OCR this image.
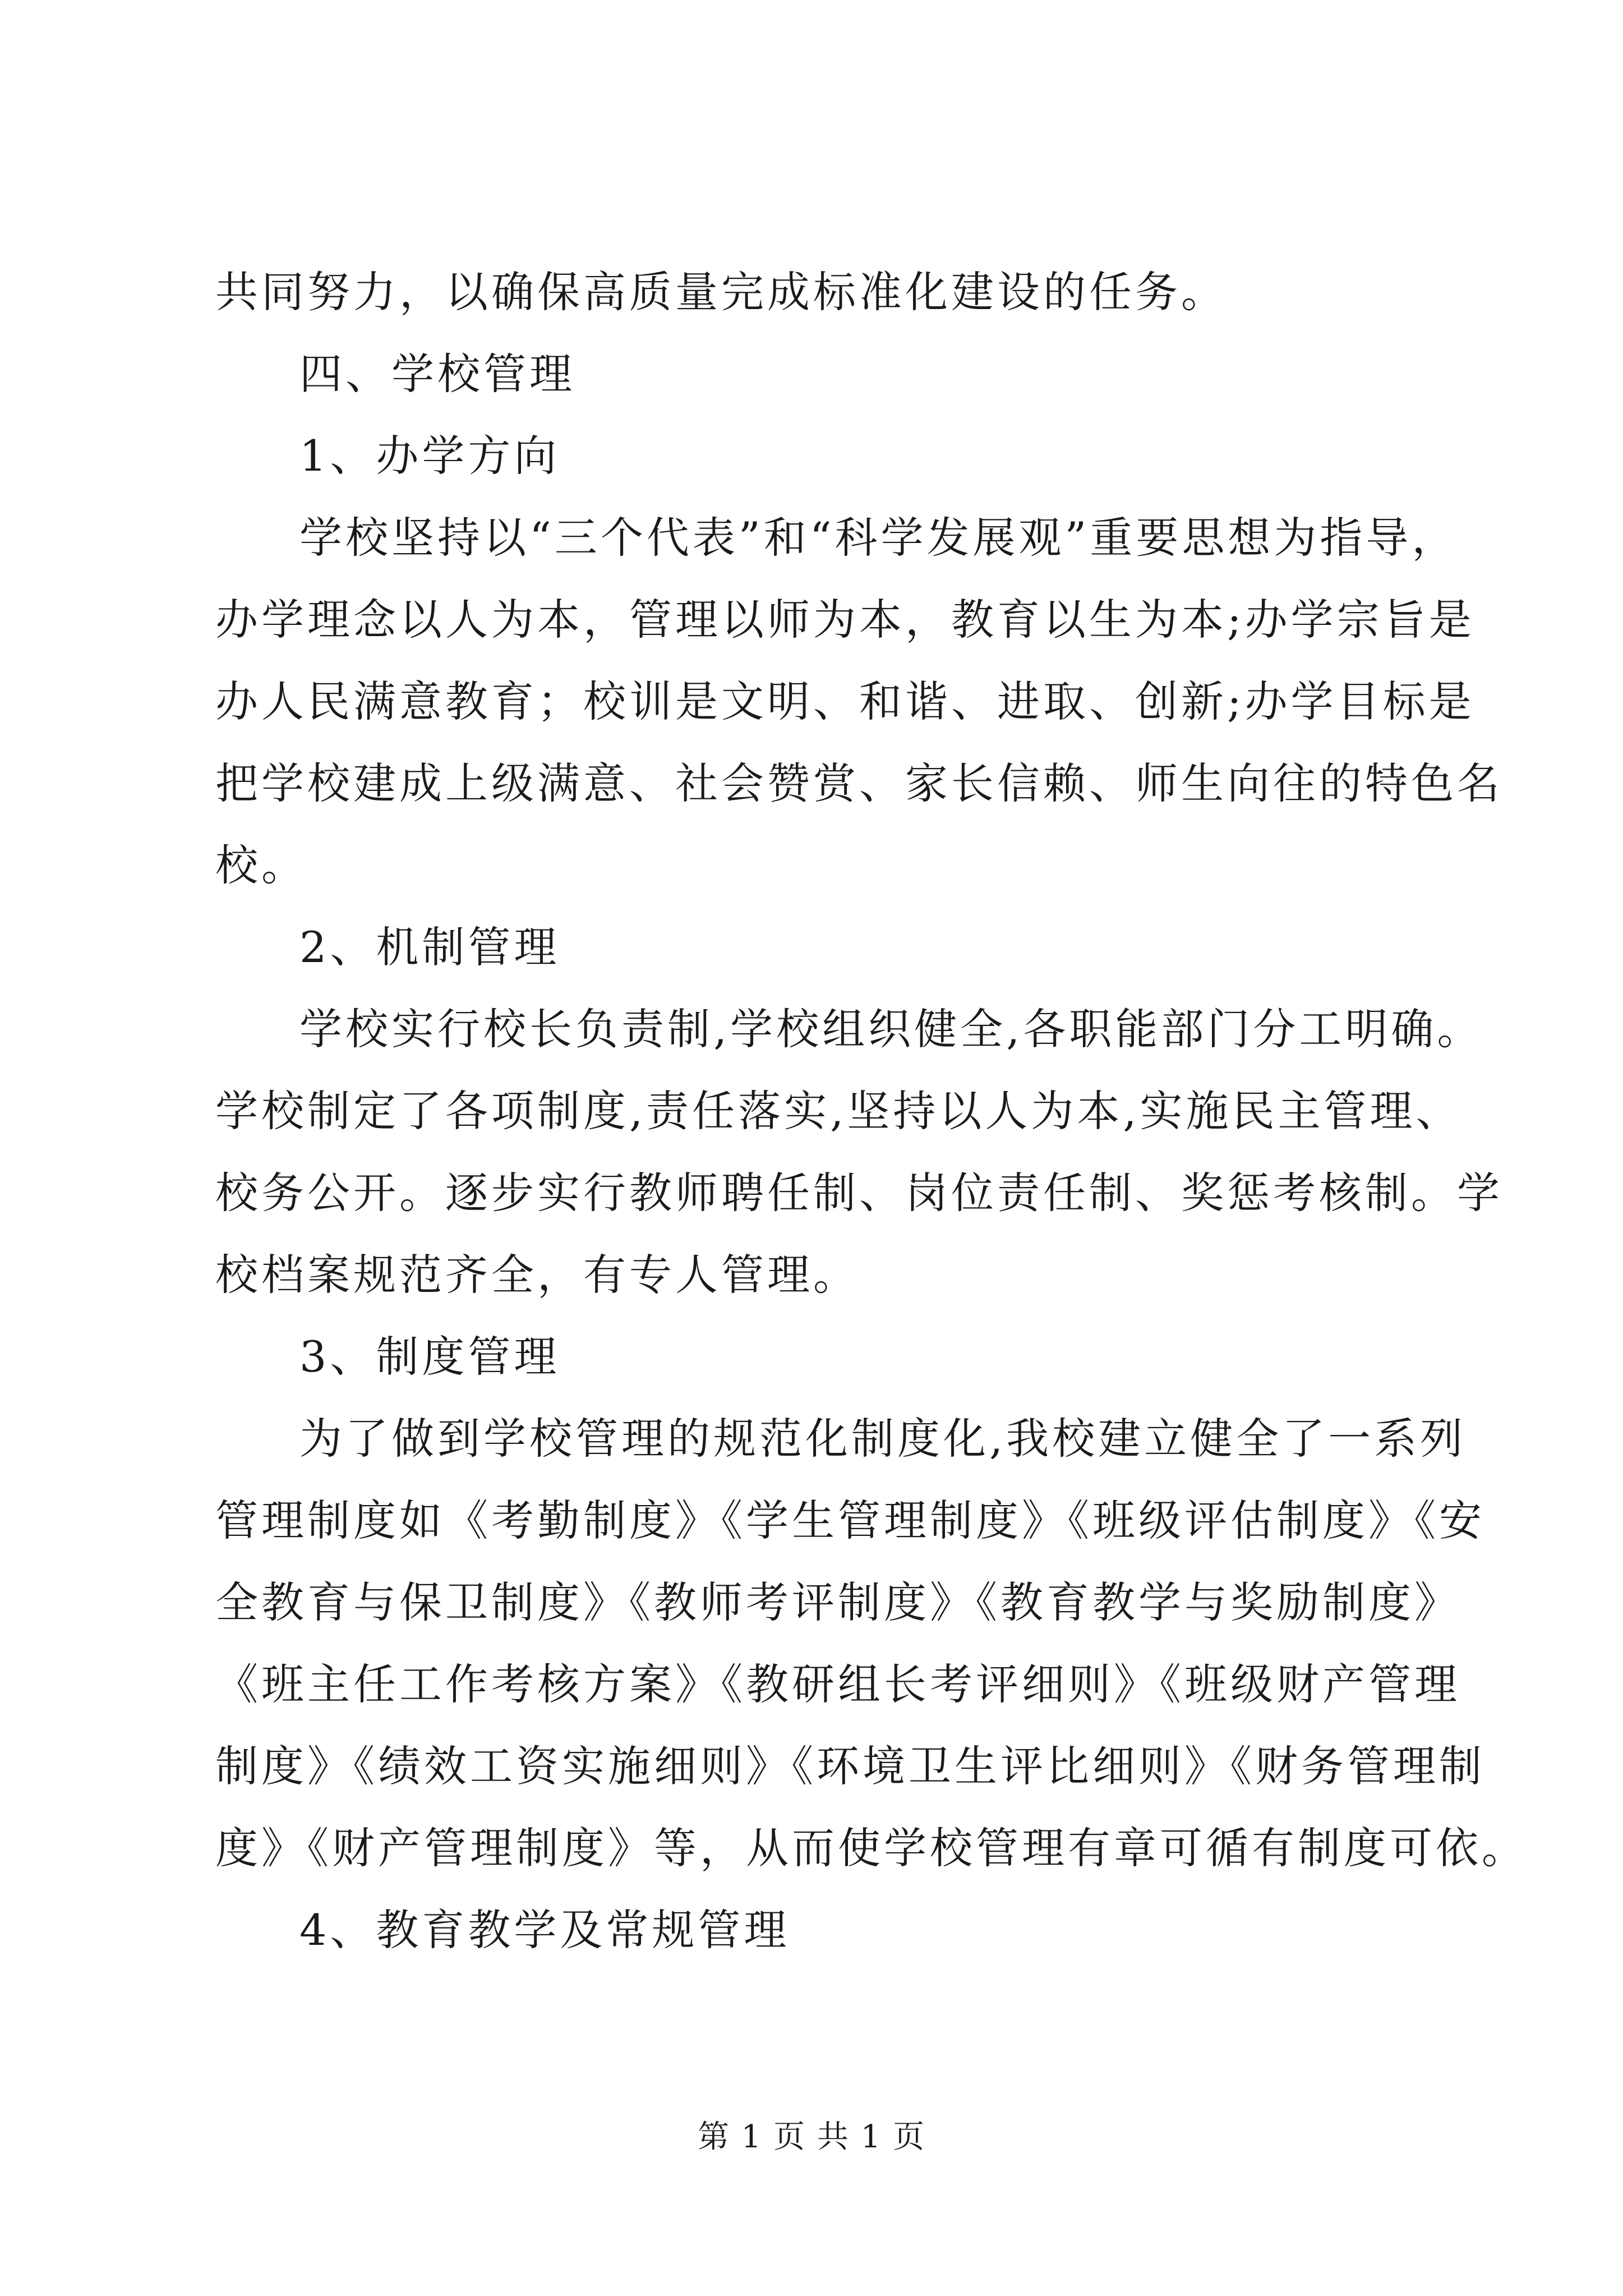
共同努力，以确保高质量完成标准化建设的任务。
四、学校管理
1、办学方向
学校坚持以“三个代表”和“科学发展观”重要思想为指导，
办学理念以人为本，管理以师为本，教育以生为本;办学宗旨是
办人民满意教育；校训是文明、和谐、进取、创新;办学目标是
把学校建成上级满意、社会赞赏、家长信赖、师生向往的特色名
校。
2、机制管理
学校实行校长负责制,学校组织健全,各职能部门分工明确。
学校制定了各项制度,责任落实,坚持以人为本,实施民主管理、
校务公开。逐步实行教师聘任制、岗位责任制、奖惩考核制。学
校档案规范齐全，有专人管理。
3、制度管理
为了做到学校管理的规范化制度化,我校建立健全了一系列
管理制度如《考勤制度》《学生管理制度》《班级评估制度》《安
全教育与保卫制度》《教师考评制度》《教育教学与奖励制度》
《班主任工作考核方案》《教研组长考评细则》《班级财产管理
制度》《绩效工资实施细则》《环境卫生评比细则》《财务管理制
度》《财产管理制度》等，从而使学校管理有章可循有制度可依。
4、教育教学及常规管理
第 1 页 共 1 页
